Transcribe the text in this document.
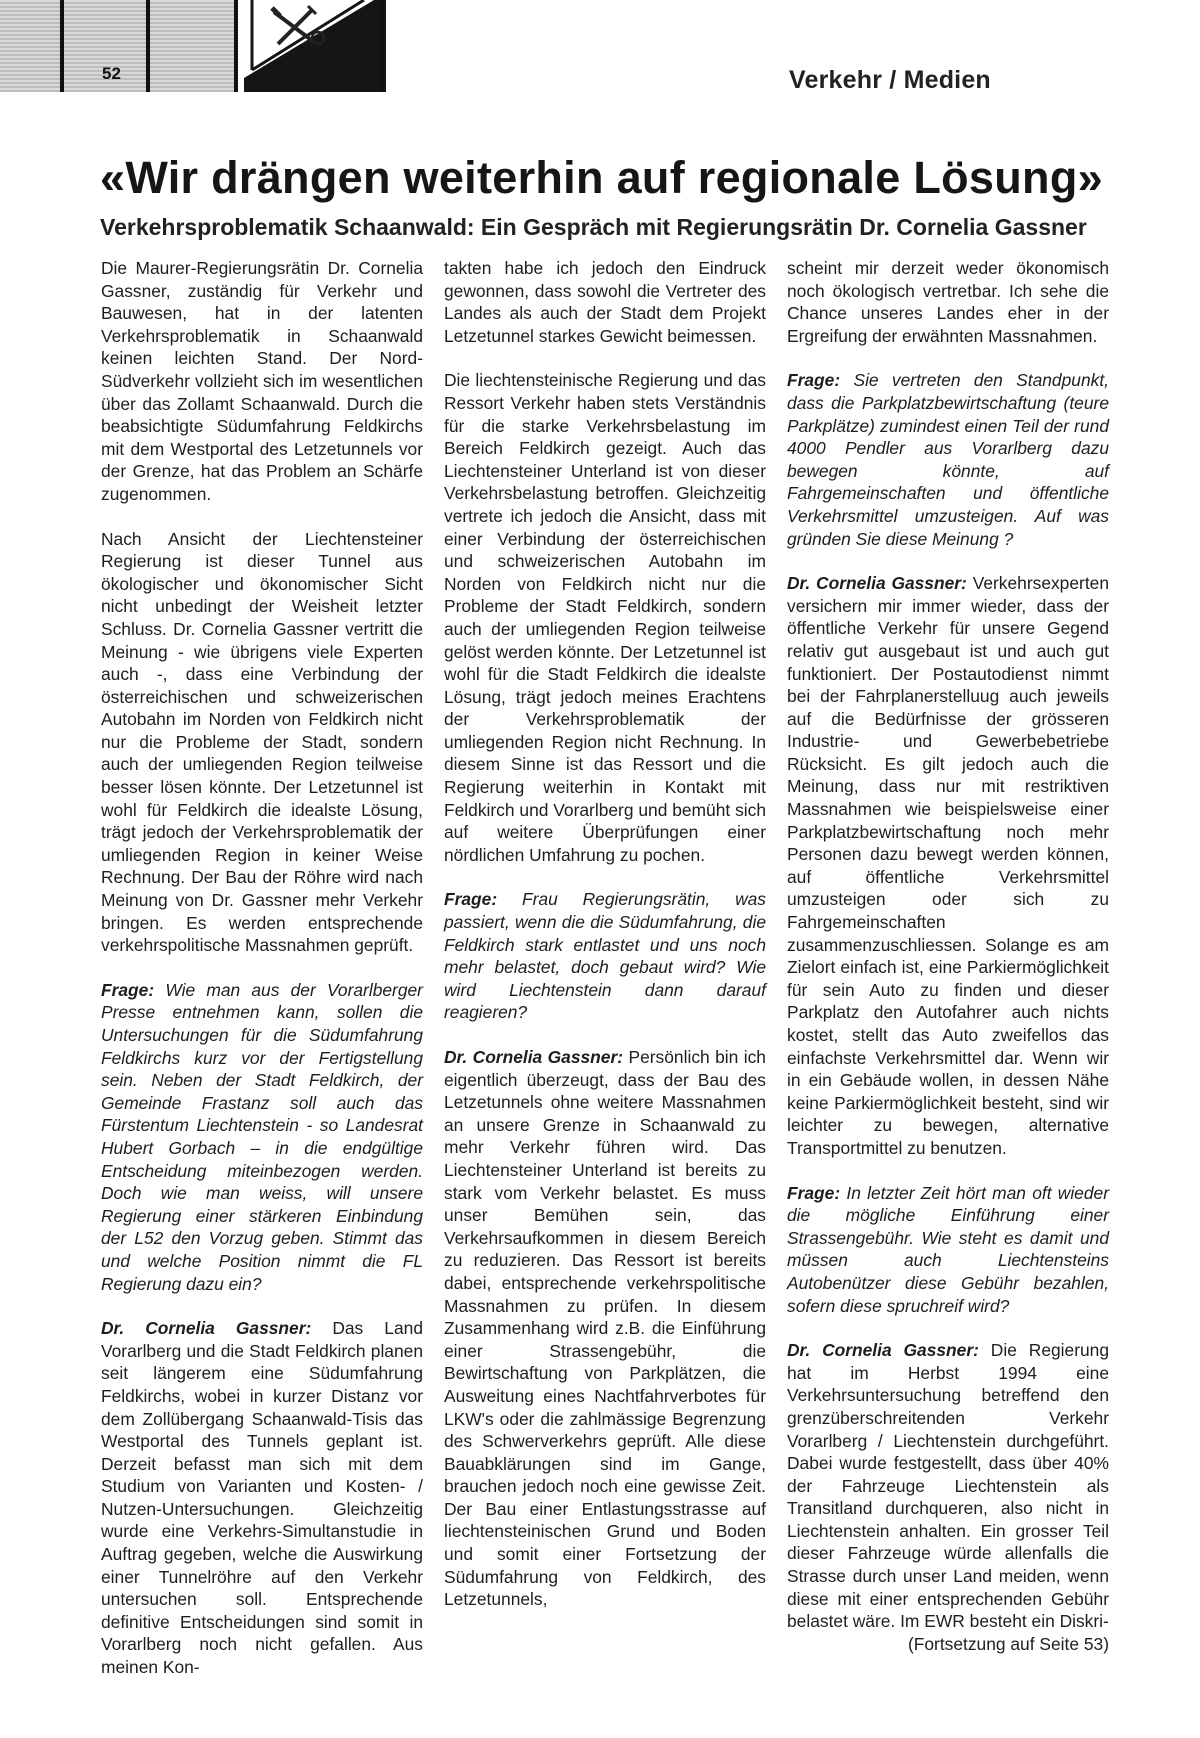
52	Verkehr / Medien
«Wir drängen weiterhin auf regionale Lösung»
Verkehrsproblematik Schaanwald: Ein Gespräch mit Regierungsrätin Dr. Cornelia Gassner

Die Maurer-Regierungsrätin Dr. Cornelia Gassner, zuständig für Verkehr und Bauwesen, hat in der latenten Verkehrsproblematik in Schaanwald keinen leichten Stand. Der Nord-Südverkehr vollzieht sich im wesentlichen über das Zollamt Schaanwald. Durch die beabsichtigte Südumfahrung Feldkirchs mit dem Westportal des Letzetunnels vor der Grenze, hat das Problem an Schärfe zugenommen.

Nach Ansicht der Liechtensteiner Regierung ist dieser Tunnel aus ökologischer und ökonomischer Sicht nicht unbedingt der Weisheit letzter Schluss. Dr. Cornelia Gassner vertritt die Meinung - wie übrigens viele Experten auch -, dass eine Verbindung der österreichischen und schweizerischen Autobahn im Norden von Feldkirch nicht nur die Probleme der Stadt, sondern auch der umliegenden Region teilweise besser lösen könnte. Der Letzetunnel ist wohl für Feldkirch die idealste Lösung, trägt jedoch der Verkehrsproblematik der umliegenden Region in keiner Weise Rechnung. Der Bau der Röhre wird nach Meinung von Dr. Gassner mehr Verkehr bringen. Es werden entsprechende verkehrspolitische Massnahmen geprüft.

Frage: Wie man aus der Vorarlberger Presse entnehmen kann, sollen die Untersuchungen für die Südumfahrung Feldkirchs kurz vor der Fertigstellung sein. Neben der Stadt Feldkirch, der Gemeinde Frastanz soll auch das Fürstentum Liechtenstein - so Landesrat Hubert Gorbach – in die endgültige Entscheidung miteinbezogen werden. Doch wie man weiss, will unsere Regierung einer stärkeren Einbindung der L52 den Vorzug geben. Stimmt das und welche Position nimmt die FL Regierung dazu ein?

Dr. Cornelia Gassner: Das Land Vorarlberg und die Stadt Feldkirch planen seit längerem eine Südumfahrung Feldkirchs, wobei in kurzer Distanz vor dem Zollübergang Schaanwald-Tisis das Westportal des Tunnels geplant ist. Derzeit befasst man sich mit dem Studium von Varianten und Kosten- / Nutzen-Untersuchungen. Gleichzeitig wurde eine Verkehrs-Simultanstudie in Auftrag gegeben, welche die Auswirkung einer Tunnelröhre auf den Verkehr untersuchen soll. Entsprechende definitive Entscheidungen sind somit in Vorarlberg noch nicht gefallen. Aus meinen Kon-

takten habe ich jedoch den Eindruck gewonnen, dass sowohl die Vertreter des Landes als auch der Stadt dem Projekt Letzetunnel starkes Gewicht beimessen.

Die liechtensteinische Regierung und das Ressort Verkehr haben stets Verständnis für die starke Verkehrsbelastung im Bereich Feldkirch gezeigt. Auch das Liechtensteiner Unterland ist von dieser Verkehrsbelastung betroffen. Gleichzeitig vertrete ich jedoch die Ansicht, dass mit einer Verbindung der österreichischen und schweizerischen Autobahn im Norden von Feldkirch nicht nur die Probleme der Stadt Feldkirch, sondern auch der umliegenden Region teilweise gelöst werden könnte. Der Letzetunnel ist wohl für die Stadt Feldkirch die idealste Lösung, trägt jedoch meines Erachtens der Verkehrsproblematik der umliegenden Region nicht Rechnung. In diesem Sinne ist das Ressort und die Regierung weiterhin in Kontakt mit Feldkirch und Vorarlberg und bemüht sich auf weitere Überprüfungen einer nördlichen Umfahrung zu pochen.

Frage: Frau Regierungsrätin, was passiert, wenn die die Südumfahrung, die Feldkirch stark entlastet und uns noch mehr belastet, doch gebaut wird? Wie wird Liechtenstein dann darauf reagieren?

Dr. Cornelia Gassner: Persönlich bin ich eigentlich überzeugt, dass der Bau des Letzetunnels ohne weitere Massnahmen an unsere Grenze in Schaanwald zu mehr Verkehr führen wird. Das Liechtensteiner Unterland ist bereits zu stark vom Verkehr belastet. Es muss unser Bemühen sein, das Verkehrsaufkommen in diesem Bereich zu reduzieren. Das Ressort ist bereits dabei, entsprechende verkehrspolitische Massnahmen zu prüfen. In diesem Zusammenhang wird z.B. die Einführung einer Strassengebühr, die Bewirtschaftung von Parkplätzen, die Ausweitung eines Nachtfahrverbotes für LKW's oder die zahlmässige Begrenzung des Schwerverkehrs geprüft. Alle diese Bauabklärungen sind im Gange, brauchen jedoch noch eine gewisse Zeit. Der Bau einer Entlastungsstrasse auf liechtensteinischen Grund und Boden und somit einer Fortsetzung der Südumfahrung von Feldkirch, des Letzetunnels,

scheint mir derzeit weder ökonomisch noch ökologisch vertretbar. Ich sehe die Chance unseres Landes eher in der Ergreifung der erwähnten Massnahmen.

Frage: Sie vertreten den Standpunkt, dass die Parkplatzbewirtschaftung (teure Parkplätze) zumindest einen Teil der rund 4000 Pendler aus Vorarlberg dazu bewegen könnte, auf Fahrgemeinschaften und öffentliche Verkehrsmittel umzusteigen. Auf was gründen Sie diese Meinung ?

Dr. Cornelia Gassner: Verkehrsexperten versichern mir immer wieder, dass der öffentliche Verkehr für unsere Gegend relativ gut ausgebaut ist und auch gut funktioniert. Der Postautodienst nimmt bei der Fahrplanerstelluug auch jeweils auf die Bedürfnisse der grösseren Industrie- und Gewerbebetriebe Rücksicht. Es gilt jedoch auch die Meinung, dass nur mit restriktiven Massnahmen wie beispielsweise einer Parkplatzbewirtschaftung noch mehr Personen dazu bewegt werden können, auf öffentliche Verkehrsmittel umzusteigen oder sich zu Fahrgemeinschaften zusammenzuschliessen. Solange es am Zielort einfach ist, eine Parkiermöglichkeit für sein Auto zu finden und dieser Parkplatz den Autofahrer auch nichts kostet, stellt das Auto zweifellos das einfachste Verkehrsmittel dar. Wenn wir in ein Gebäude wollen, in dessen Nähe keine Parkiermöglichkeit besteht, sind wir leichter zu bewegen, alternative Transportmittel zu benutzen.

Frage: In letzter Zeit hört man oft wieder die mögliche Einführung einer Strassengebühr. Wie steht es damit und müssen auch Liechtensteins Autobenützer diese Gebühr bezahlen, sofern diese spruchreif wird?

Dr. Cornelia Gassner: Die Regierung hat im Herbst 1994 eine Verkehrsuntersuchung betreffend den grenzüberschreitenden Verkehr Vorarlberg / Liechtenstein durchgeführt. Dabei wurde festgestellt, dass über 40% der Fahrzeuge Liechtenstein als Transitland durchqueren, also nicht in Liechtenstein anhalten. Ein grosser Teil dieser Fahrzeuge würde allenfalls die Strasse durch unser Land meiden, wenn diese mit einer entsprechenden Gebühr belastet wäre. Im EWR besteht ein Diskri-

(Fortsetzung auf Seite 53)
